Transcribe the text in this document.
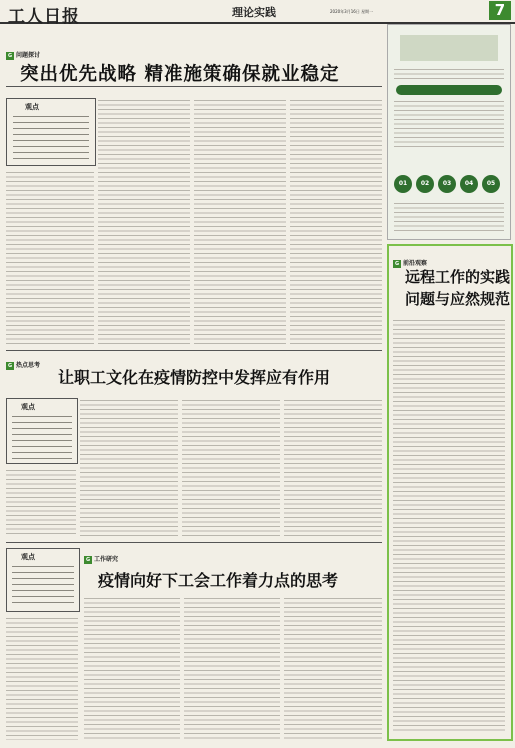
工人日报	理论实践	2020年3月16日 星期一	7
G 问题探讨
突出优先战略 精准施策确保就业稳定
观点
G 热点思考
让职工文化在疫情防控中发挥应有作用
观点
G 工作研究
疫情向好下工会工作着力点的思考
观点
01	02	03	04	05
G 前沿观察
远程工作的实践
问题与应然规范
